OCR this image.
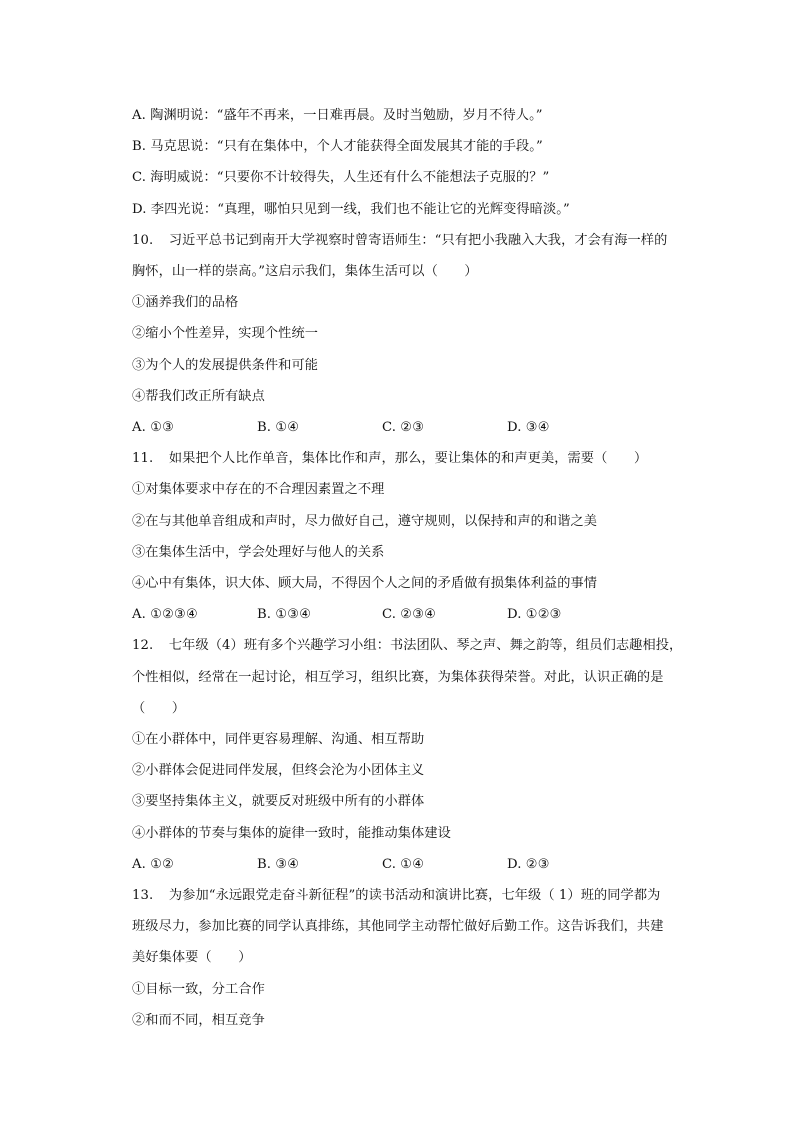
A. 陶渊明说：“盛年不再来，一日难再晨。及时当勉励，岁月不待人。”

B. 马克思说：“只有在集体中，个人才能获得全面发展其才能的手段。”

C. 海明威说：“只要你不计较得失，人生还有什么不能想法子克服的？”

D. 李四光说：“真理，哪怕只见到一线，我们也不能让它的光辉变得暗淡。”

10. 习近平总书记到南开大学视察时曾寄语师生：“只有把小我融入大我，才会有海一样的

胸怀，山一样的崇高。”这启示我们，集体生活可以（　　）

①涵养我们的品格

②缩小个性差异，实现个性统一

③为个人的发展提供条件和可能

④帮我们改正所有缺点

A. ①③	B. ①④	C. ②③	D. ③④

11. 如果把个人比作单音，集体比作和声，那么，要让集体的和声更美，需要（　　）

①对集体要求中存在的不合理因素置之不理

②在与其他单音组成和声时，尽力做好自己，遵守规则，以保持和声的和谐之美

③在集体生活中，学会处理好与他人的关系

④心中有集体，识大体、顾大局，不得因个人之间的矛盾做有损集体利益的事情

A. ①②③④	B. ①③④	C. ②③④	D. ①②③

12. 七年级（4）班有多个兴趣学习小组：书法团队、琴之声、舞之韵等，组员们志趣相投，

个性相似，经常在一起讨论，相互学习，组织比赛，为集体获得荣誉。对此，认识正确的是

（　　）

①在小群体中，同伴更容易理解、沟通、相互帮助

②小群体会促进同伴发展，但终会沦为小团体主义

③要坚持集体主义，就要反对班级中所有的小群体

④小群体的节奏与集体的旋律一致时，能推动集体建设

A. ①②	B. ③④	C. ①④	D. ②③

13. 为参加“永远跟党走奋斗新征程”的读书活动和演讲比赛，七年级（ 1）班的同学都为

班级尽力，参加比赛的同学认真排练，其他同学主动帮忙做好后勤工作。这告诉我们，共建

美好集体要（　　）

①目标一致，分工合作

②和而不同，相互竞争
